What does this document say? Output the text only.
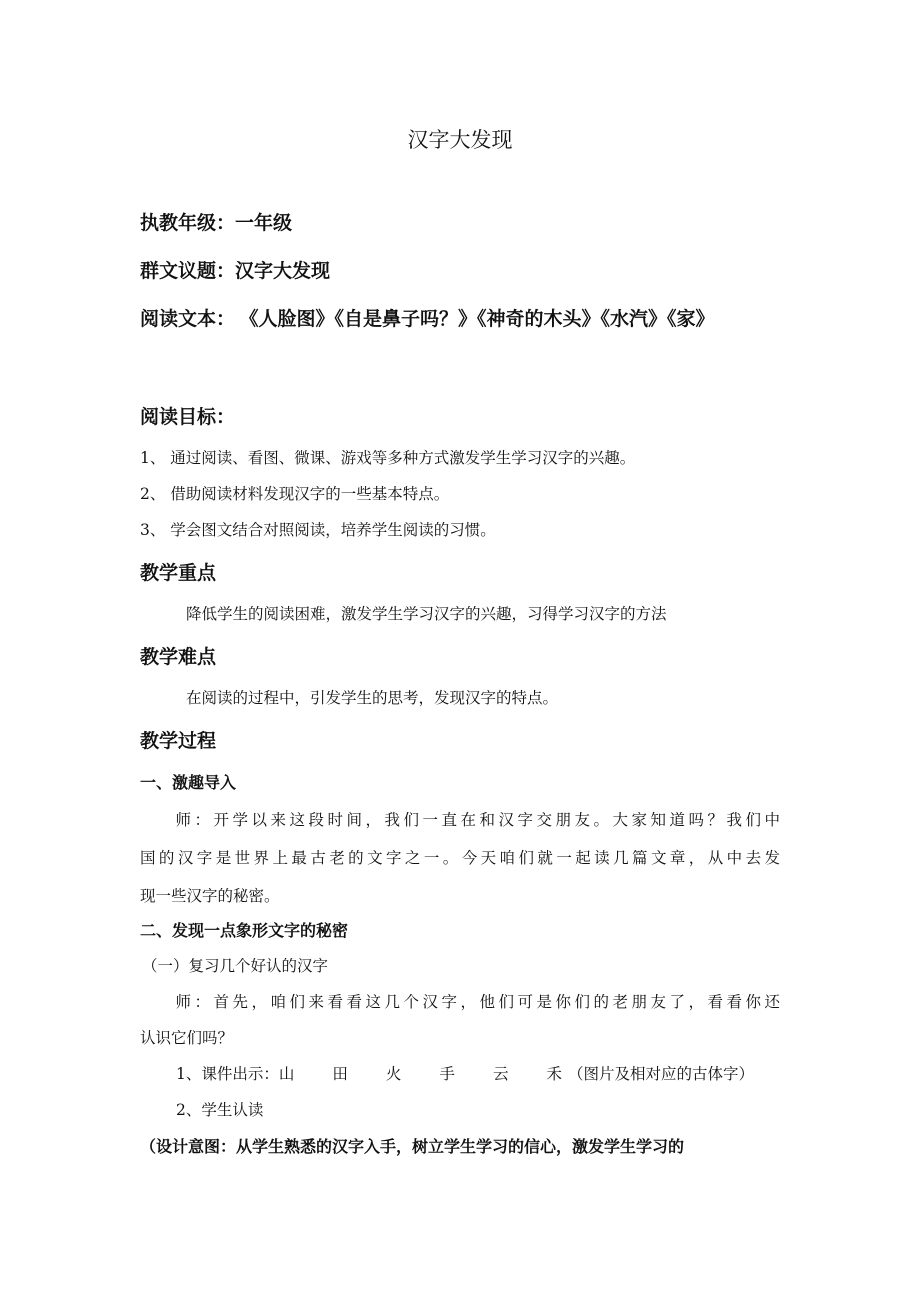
汉字大发现
执教年级：一年级
群文议题：汉字大发现
阅读文本： 《人脸图》《自是鼻子吗？》《神奇的木头》《水汽》《家》
阅读目标：
1、 通过阅读、看图、微课、游戏等多种方式激发学生学习汉字的兴趣。
2、 借助阅读材料发现汉字的一些基本特点。
3、 学会图文结合对照阅读，培养学生阅读的习惯。
教学重点
降低学生的阅读困难，激发学生学习汉字的兴趣，习得学习汉字的方法
教学难点
在阅读的过程中，引发学生的思考，发现汉字的特点。
教学过程
一、激趣导入
师：开学以来这段时间，我们一直在和汉字交朋友。大家知道吗？我们中
国的汉字是世界上最古老的文字之一。今天咱们就一起读几篇文章，从中去发
现一些汉字的秘密。
二、发现一点象形文字的秘密
（一）复习几个好认的汉字
师：首先，咱们来看看这几个汉字，他们可是你们的老朋友了，看看你还
认识它们吗？
1、课件出示：山 田 火 手 云 禾 （图片及相对应的古体字）
2、学生认读
（设计意图：从学生熟悉的汉字入手，树立学生学习的信心，激发学生学习的
